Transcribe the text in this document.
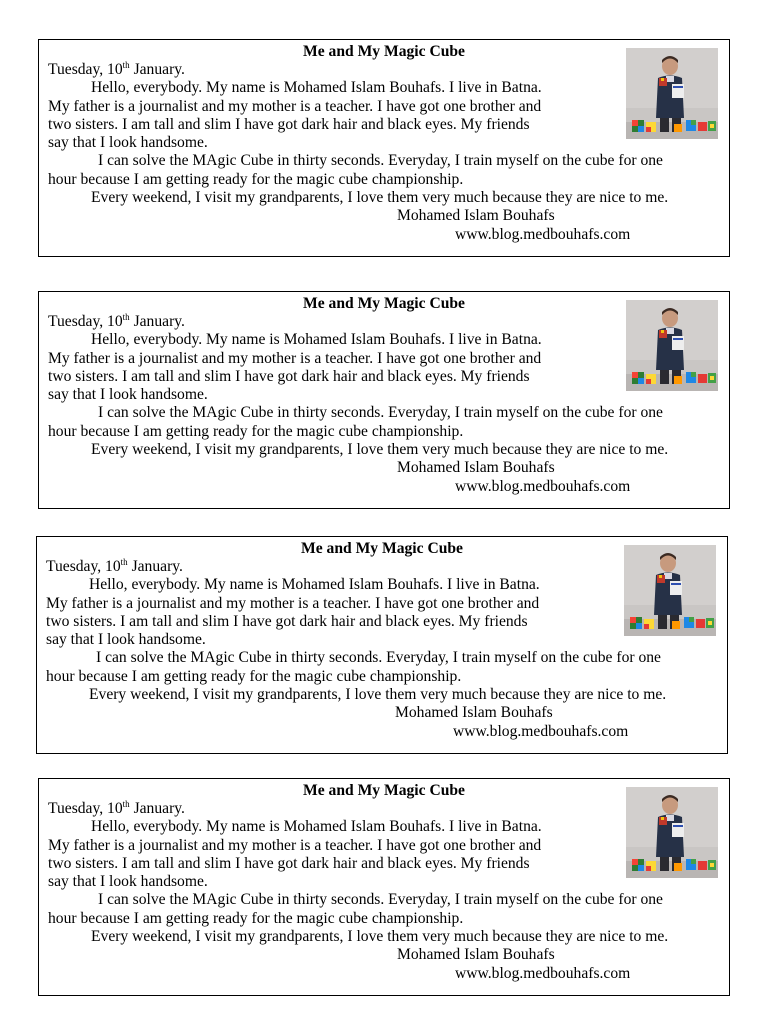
Me and My Magic Cube
Tuesday, 10th January.
Hello, everybody. My name is Mohamed Islam Bouhafs. I live in Batna.
My father is a journalist and my mother is a teacher. I have got one brother and
two sisters. I am tall and slim I have got dark hair and black eyes. My friends
say that I look handsome.
I can solve the MAgic Cube in thirty seconds. Everyday, I train myself on the cube for one
hour because I am getting ready for the magic cube championship.
Every weekend, I visit my grandparents, I love them very much because they are nice to me.
Mohamed Islam Bouhafs
www.blog.medbouhafs.com
Me and My Magic Cube
Tuesday, 10th January.
Hello, everybody. My name is Mohamed Islam Bouhafs. I live in Batna.
My father is a journalist and my mother is a teacher. I have got one brother and
two sisters. I am tall and slim I have got dark hair and black eyes. My friends
say that I look handsome.
I can solve the MAgic Cube in thirty seconds. Everyday, I train myself on the cube for one
hour because I am getting ready for the magic cube championship.
Every weekend, I visit my grandparents, I love them very much because they are nice to me.
Mohamed Islam Bouhafs
www.blog.medbouhafs.com
Me and My Magic Cube
Tuesday, 10th January.
Hello, everybody. My name is Mohamed Islam Bouhafs. I live in Batna.
My father is a journalist and my mother is a teacher. I have got one brother and
two sisters. I am tall and slim I have got dark hair and black eyes. My friends
say that I look handsome.
I can solve the MAgic Cube in thirty seconds. Everyday, I train myself on the cube for one
hour because I am getting ready for the magic cube championship.
Every weekend, I visit my grandparents, I love them very much because they are nice to me.
Mohamed Islam Bouhafs
www.blog.medbouhafs.com
Me and My Magic Cube
Tuesday, 10th January.
Hello, everybody. My name is Mohamed Islam Bouhafs. I live in Batna.
My father is a journalist and my mother is a teacher. I have got one brother and
two sisters. I am tall and slim I have got dark hair and black eyes. My friends
say that I look handsome.
I can solve the MAgic Cube in thirty seconds. Everyday, I train myself on the cube for one
hour because I am getting ready for the magic cube championship.
Every weekend, I visit my grandparents, I love them very much because they are nice to me.
Mohamed Islam Bouhafs
www.blog.medbouhafs.com
